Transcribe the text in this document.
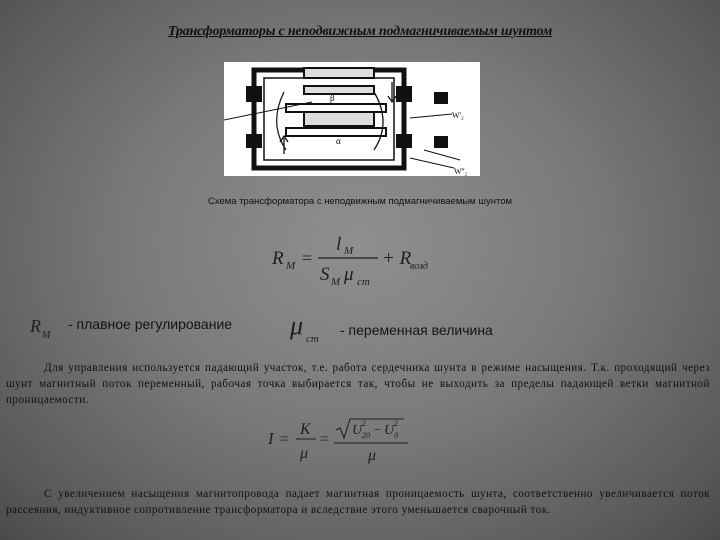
Трансформаторы с неподвижным подмагничиваемым шунтом
β
α
W'₂
W''₂
Схема трансформатора с неподвижным подмагничиваемым шунтом
R M =
l M
S M μ cm
+ R
возд
R M
- плавное регулирование μ cm
- переменная величина
Для управления используется падающий участок, т.е. работа сердечника шунта в режиме насыщения. Т.к. проходящий через шунт магнитный поток переменный, рабочая точка выбирается так, чтобы не выходить за пределы падающей ветки магнитной проницаемости.
I =
K
μ
=
U 2
20 − U 2
д
μ
С увеличением насыщения магнитопровода падает магнитная проницаемость шунта, соответственно увеличивается поток рассеяния, индуктивное сопротивление трансформатора и вследствие этого уменьшается сварочный ток.
